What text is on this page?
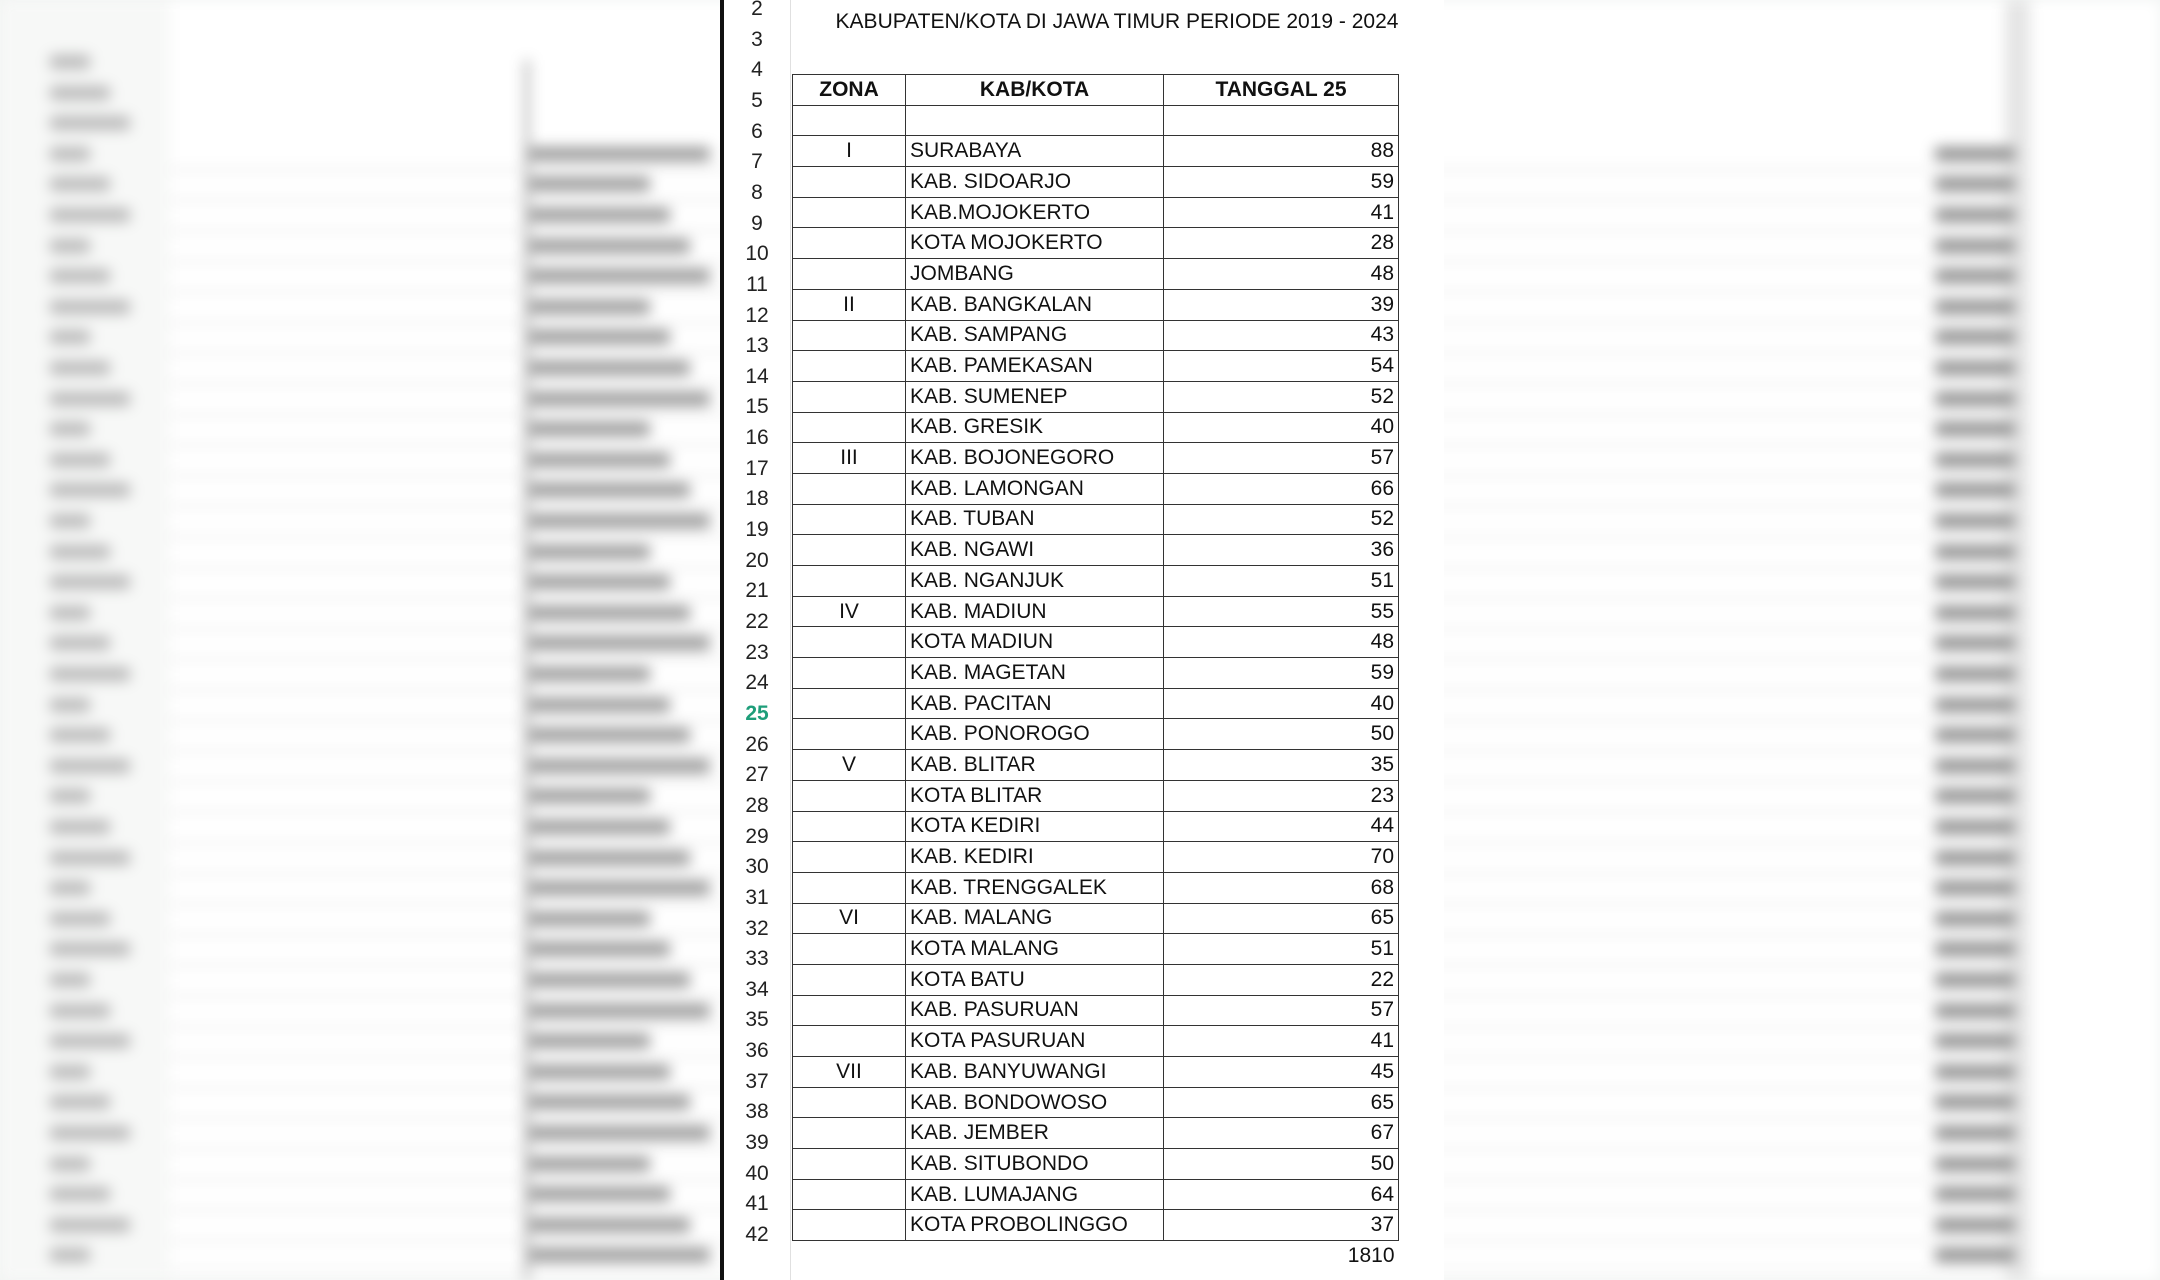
2
3
4
5
6
7
8
9
10
11
12
13
14
15
16
17
18
19
20
21
22
23
24
25
26
27
28
29
30
31
32
33
34
35
36
37
38
39
40
41
42
KABUPATEN/KOTA DI JAWA TIMUR PERIODE 2019 - 2024
ZONA	KAB/KOTA	TANGGAL 25

I	SURABAYA	88
	KAB. SIDOARJO	59
	KAB.MOJOKERTO	41
	KOTA MOJOKERTO	28
	JOMBANG	48
II	KAB. BANGKALAN	39
	KAB. SAMPANG	43
	KAB. PAMEKASAN	54
	KAB. SUMENEP	52
	KAB. GRESIK	40
III	KAB. BOJONEGORO	57
	KAB. LAMONGAN	66
	KAB. TUBAN	52
	KAB. NGAWI	36
	KAB. NGANJUK	51
IV	KAB. MADIUN	55
	KOTA MADIUN	48
	KAB. MAGETAN	59
	KAB. PACITAN	40
	KAB. PONOROGO	50
V	KAB. BLITAR	35
	KOTA BLITAR	23
	KOTA KEDIRI	44
	KAB. KEDIRI	70
	KAB. TRENGGALEK	68
VI	KAB. MALANG	65
	KOTA MALANG	51
	KOTA BATU	22
	KAB. PASURUAN	57
	KOTA PASURUAN	41
VII	KAB. BANYUWANGI	45
	KAB. BONDOWOSO	65
	KAB. JEMBER	67
	KAB. SITUBONDO	50
	KAB. LUMAJANG	64
	KOTA PROBOLINGGO	37
		1810
